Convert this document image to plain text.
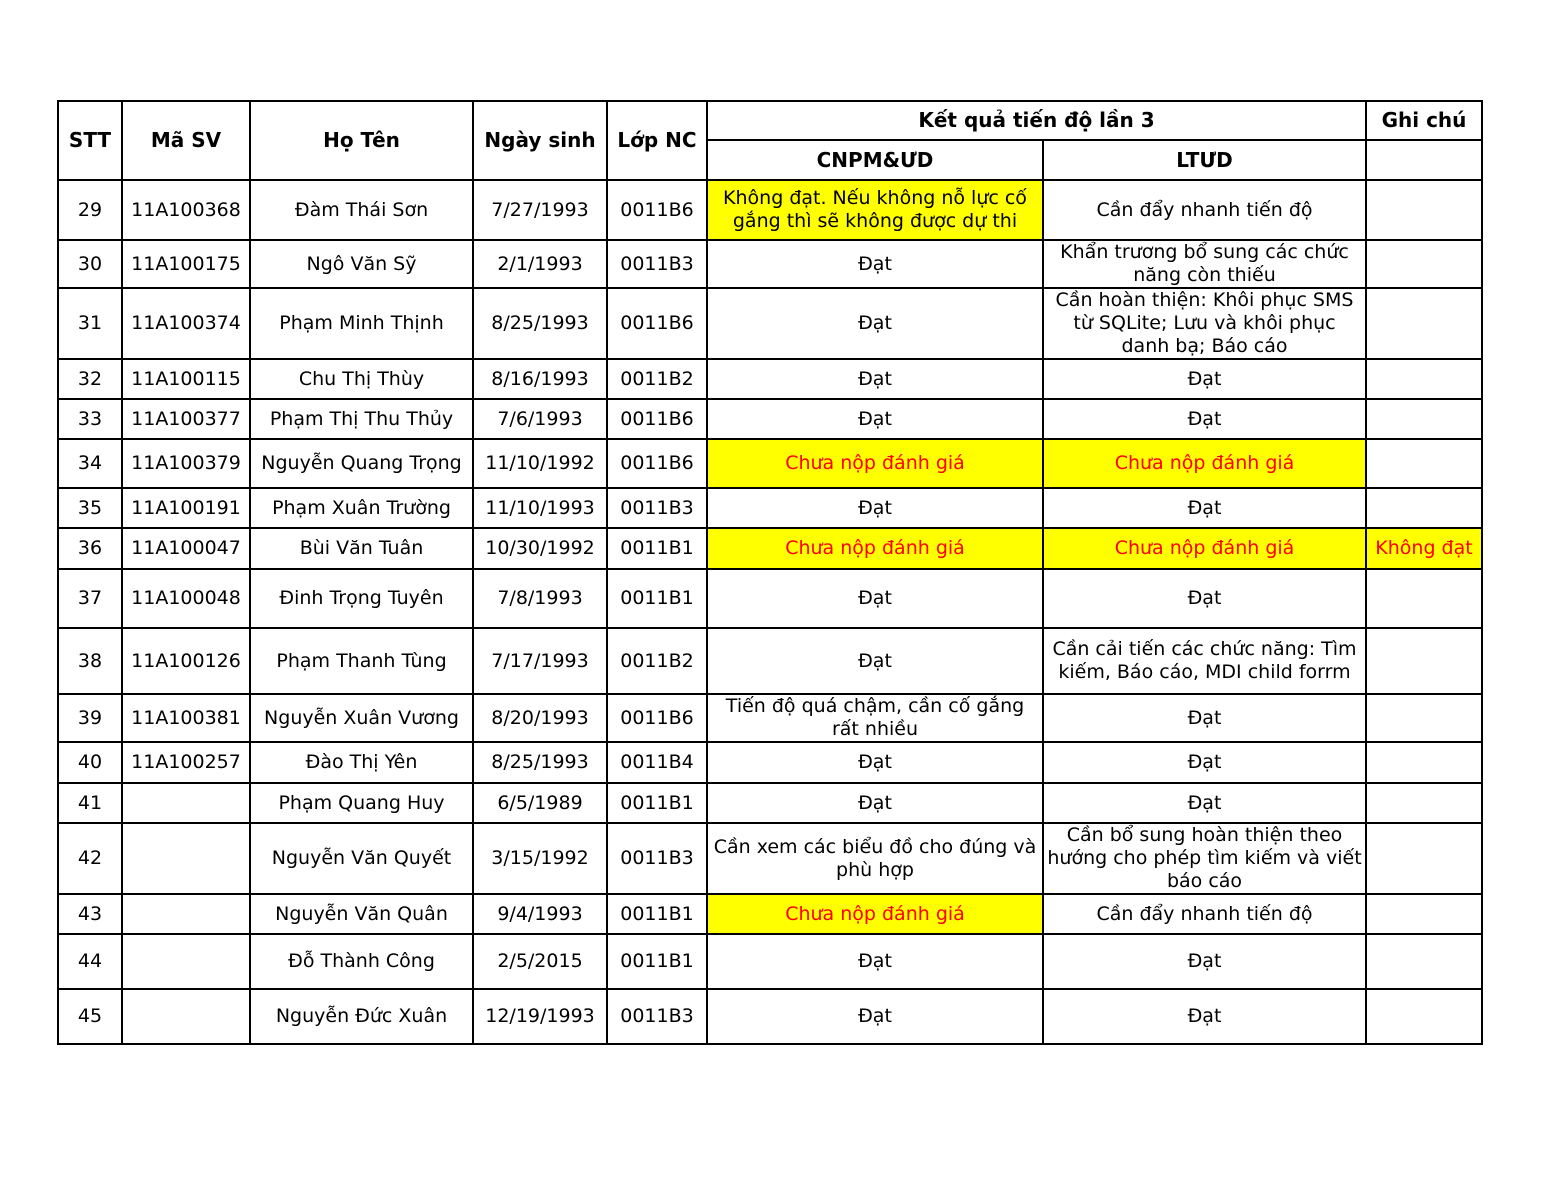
STT	Mã SV	Họ Tên	Ngày sinh	Lớp NC	Kết quả tiến độ lần 3		Ghi chú
					CNPM&ƯD	LTƯD	
29	11A100368	Đàm Thái Sơn	7/27/1993	0011B6	Không đạt. Nếu không nỗ lực cố gắng thì sẽ không được dự thi	Cần đẩy nhanh tiến độ	
30	11A100175	Ngô Văn Sỹ	2/1/1993	0011B3	Đạt	Khẩn trương bổ sung các chức năng còn thiếu	
31	11A100374	Phạm Minh Thịnh	8/25/1993	0011B6	Đạt	Cần hoàn thiện: Khôi phục SMS từ SQLite; Lưu và khôi phục danh bạ; Báo cáo	
32	11A100115	Chu Thị Thùy	8/16/1993	0011B2	Đạt	Đạt	
33	11A100377	Phạm Thị Thu Thủy	7/6/1993	0011B6	Đạt	Đạt	
34	11A100379	Nguyễn Quang Trọng	11/10/1992	0011B6	Chưa nộp đánh giá	Chưa nộp đánh giá	
35	11A100191	Phạm Xuân Trường	11/10/1993	0011B3	Đạt	Đạt	
36	11A100047	Bùi Văn Tuân	10/30/1992	0011B1	Chưa nộp đánh giá	Chưa nộp đánh giá	Không đạt
37	11A100048	Đinh Trọng Tuyên	7/8/1993	0011B1	Đạt	Đạt	
38	11A100126	Phạm Thanh Tùng	7/17/1993	0011B2	Đạt	Cần cải tiến các chức năng: Tìm kiếm, Báo cáo, MDI child forrm	
39	11A100381	Nguyễn Xuân Vương	8/20/1993	0011B6	Tiến độ quá chậm, cần cố gắng rất nhiều	Đạt	
40	11A100257	Đào Thị Yên	8/25/1993	0011B4	Đạt	Đạt	
41		Phạm Quang Huy	6/5/1989	0011B1	Đạt	Đạt	
42		Nguyễn Văn Quyết	3/15/1992	0011B3	Cần xem các biểu đồ cho đúng và phù hợp	Cần bổ sung hoàn thiện theo hướng cho phép tìm kiếm và viết báo cáo	
43		Nguyễn Văn Quân	9/4/1993	0011B1	Chưa nộp đánh giá	Cần đẩy nhanh tiến độ	
44		Đỗ Thành Công	2/5/2015	0011B1	Đạt	Đạt	
45		Nguyễn Đức Xuân	12/19/1993	0011B3	Đạt	Đạt	
